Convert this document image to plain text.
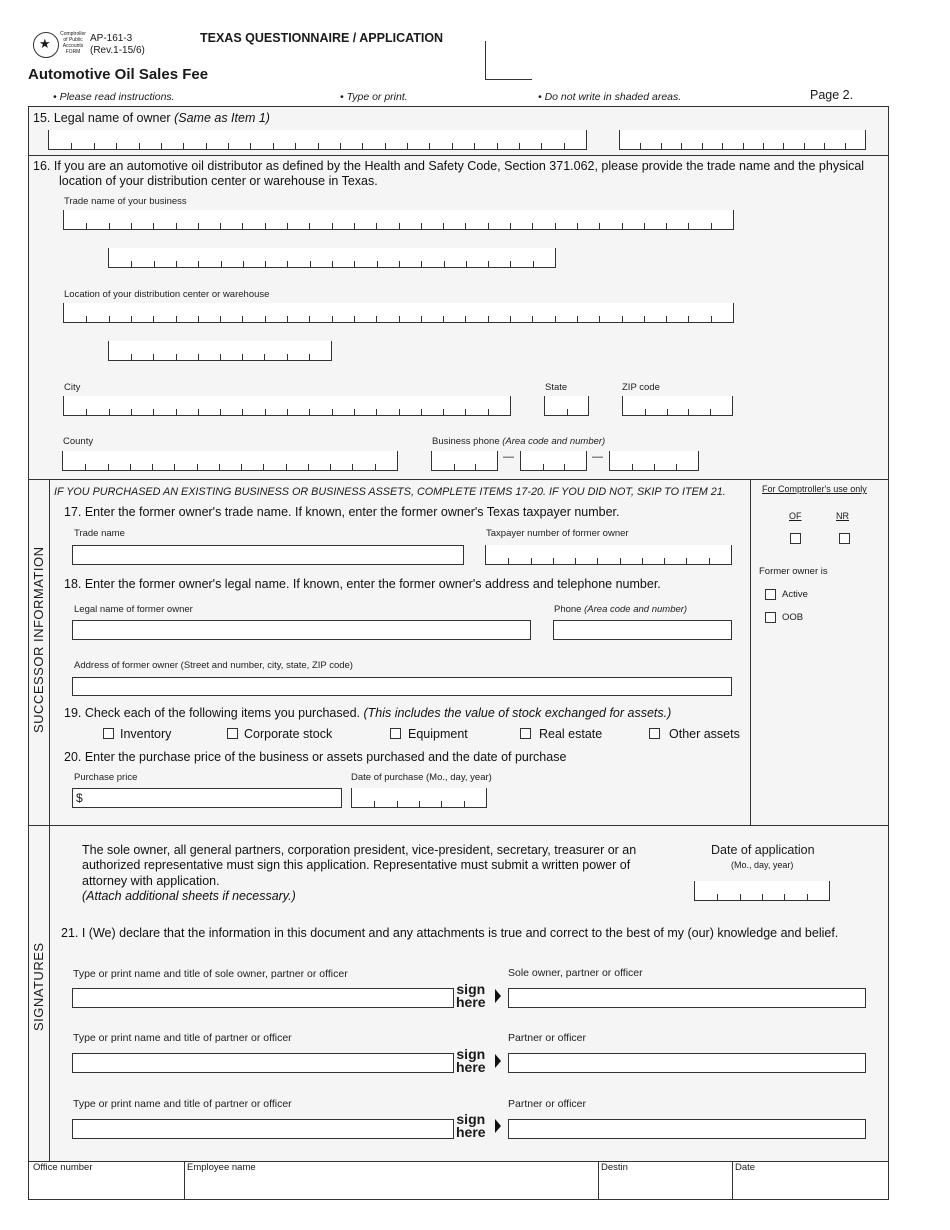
★
Comptroller of Public Accounts FORM
AP-161-3
(Rev.1-15/6)
TEXAS QUESTIONNAIRE / APPLICATION
Automotive Oil Sales Fee
• Please read instructions.	• Type or print.	• Do not write in shaded areas.	Page 2.
15. Legal name of owner (Same as Item 1)
16. If you are an automotive oil distributor as defined by the Health and Safety Code, Section 371.062, please provide the trade name and the physical
location of your distribution center or warehouse in Texas.
Trade name of your business
Location of your distribution center or warehouse
City	State	ZIP code
County	Business phone (Area code and number)
—	—
SUCCESSOR INFORMATION
IF YOU PURCHASED AN EXISTING BUSINESS OR BUSINESS ASSETS, COMPLETE ITEMS 17-20. IF YOU DID NOT, SKIP TO ITEM 21.
17. Enter the former owner's trade name. If known, enter the former owner's Texas taxpayer number.
Trade name	Taxpayer number of former owner
18. Enter the former owner's legal name. If known, enter the former owner's address and telephone number.
Legal name of former owner	Phone (Area code and number)
Address of former owner (Street and number, city, state, ZIP code)
19. Check each of the following items you purchased. (This includes the value of stock exchanged for assets.)
Inventory	Corporate stock	Equipment	Real estate	Other assets
20. Enter the purchase price of the business or assets purchased and the date of purchase
Purchase price
$
Date of purchase (Mo., day, year)
For Comptroller's use only
OF	NR
Former owner is
Active
OOB
SIGNATURES
The sole owner, all general partners, corporation president, vice-president, secretary, treasurer or an
authorized representative must sign this application. Representative must submit a written power of
attorney with application.
(Attach additional sheets if necessary.)
Date of application
(Mo., day, year)
21. I (We) declare that the information in this document and any attachments is true and correct to the best of my (our) knowledge and belief.
Type or print name and title of sole owner, partner or officer
sign
here
Sole owner, partner or officer
Type or print name and title of partner or officer
sign
here
Partner or officer
Type or print name and title of partner or officer
sign
here
Partner or officer
Office number	Employee name	Destin	Date
